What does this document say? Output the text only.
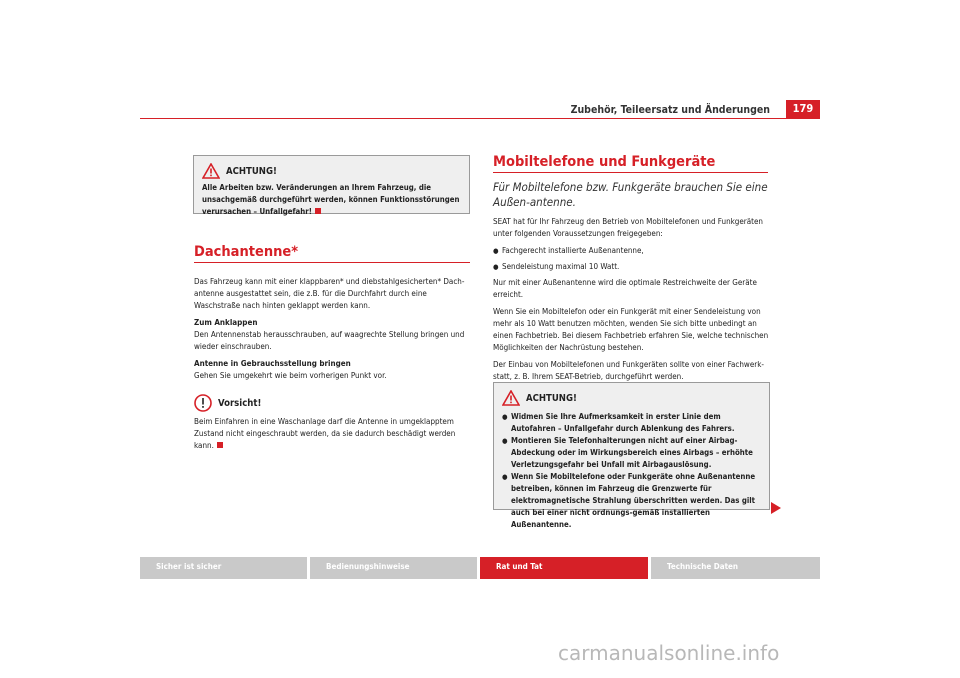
Zubehör, Teileersatz und Änderungen	179
ACHTUNG!
Alle Arbeiten bzw. Veränderungen an Ihrem Fahrzeug, die unsachgemäß durchgeführt werden, können Funktionsstörungen verursachen – Unfallgefahr!
Dachantenne*

Das Fahrzeug kann mit einer klappbaren* und diebstahlgesicherten* Dach-antenne ausgestattet sein, die z.B. für die Durchfahrt durch eine Waschstraße nach hinten geklappt werden kann.

Zum Anklappen

Den Antennenstab herausschrauben, auf waagrechte Stellung bringen und wieder einschrauben.

Antenne in Gebrauchsstellung bringen

Gehen Sie umgekehrt wie beim vorherigen Punkt vor.

Vorsicht!
Beim Einfahren in eine Waschanlage darf die Antenne in umgeklapptem Zustand nicht eingeschraubt werden, da sie dadurch beschädigt werden kann.
Mobiltelefone und Funkgeräte
Für Mobiltelefone bzw. Funkgeräte brauchen Sie eine Außen-antenne.

SEAT hat für Ihr Fahrzeug den Betrieb von Mobiltelefonen und Funkgeräten unter folgenden Voraussetzungen freigegeben:

● Fachgerecht installierte Außenantenne,
● Sendeleistung maximal 10 Watt.

Nur mit einer Außenantenne wird die optimale Restreichweite der Geräte erreicht.

Wenn Sie ein Mobiltelefon oder ein Funkgerät mit einer Sendeleistung von mehr als 10 Watt benutzen möchten, wenden Sie sich bitte unbedingt an einen Fachbetrieb. Bei diesem Fachbetrieb erfahren Sie, welche technischen Möglichkeiten der Nachrüstung bestehen.

Der Einbau von Mobiltelefonen und Funkgeräten sollte von einer Fachwerk-statt, z. B. Ihrem SEAT-Betrieb, durchgeführt werden.

ACHTUNG!
● Widmen Sie Ihre Aufmerksamkeit in erster Linie dem Autofahren – Unfallgefahr durch Ablenkung des Fahrers.
● Montieren Sie Telefonhalterungen nicht auf einer Airbag-Abdeckung oder im Wirkungsbereich eines Airbags – erhöhte Verletzungsgefahr bei Unfall mit Airbagauslösung.
● Wenn Sie Mobiltelefone oder Funkgeräte ohne Außenantenne betreiben, können im Fahrzeug die Grenzwerte für elektromagnetische Strahlung überschritten werden. Das gilt auch bei einer nicht ordnungs-gemäß installierten Außenantenne.
Sicher ist sicher	Bedienungshinweise	Rat und Tat	Technische Daten
carmanualsonline.info
